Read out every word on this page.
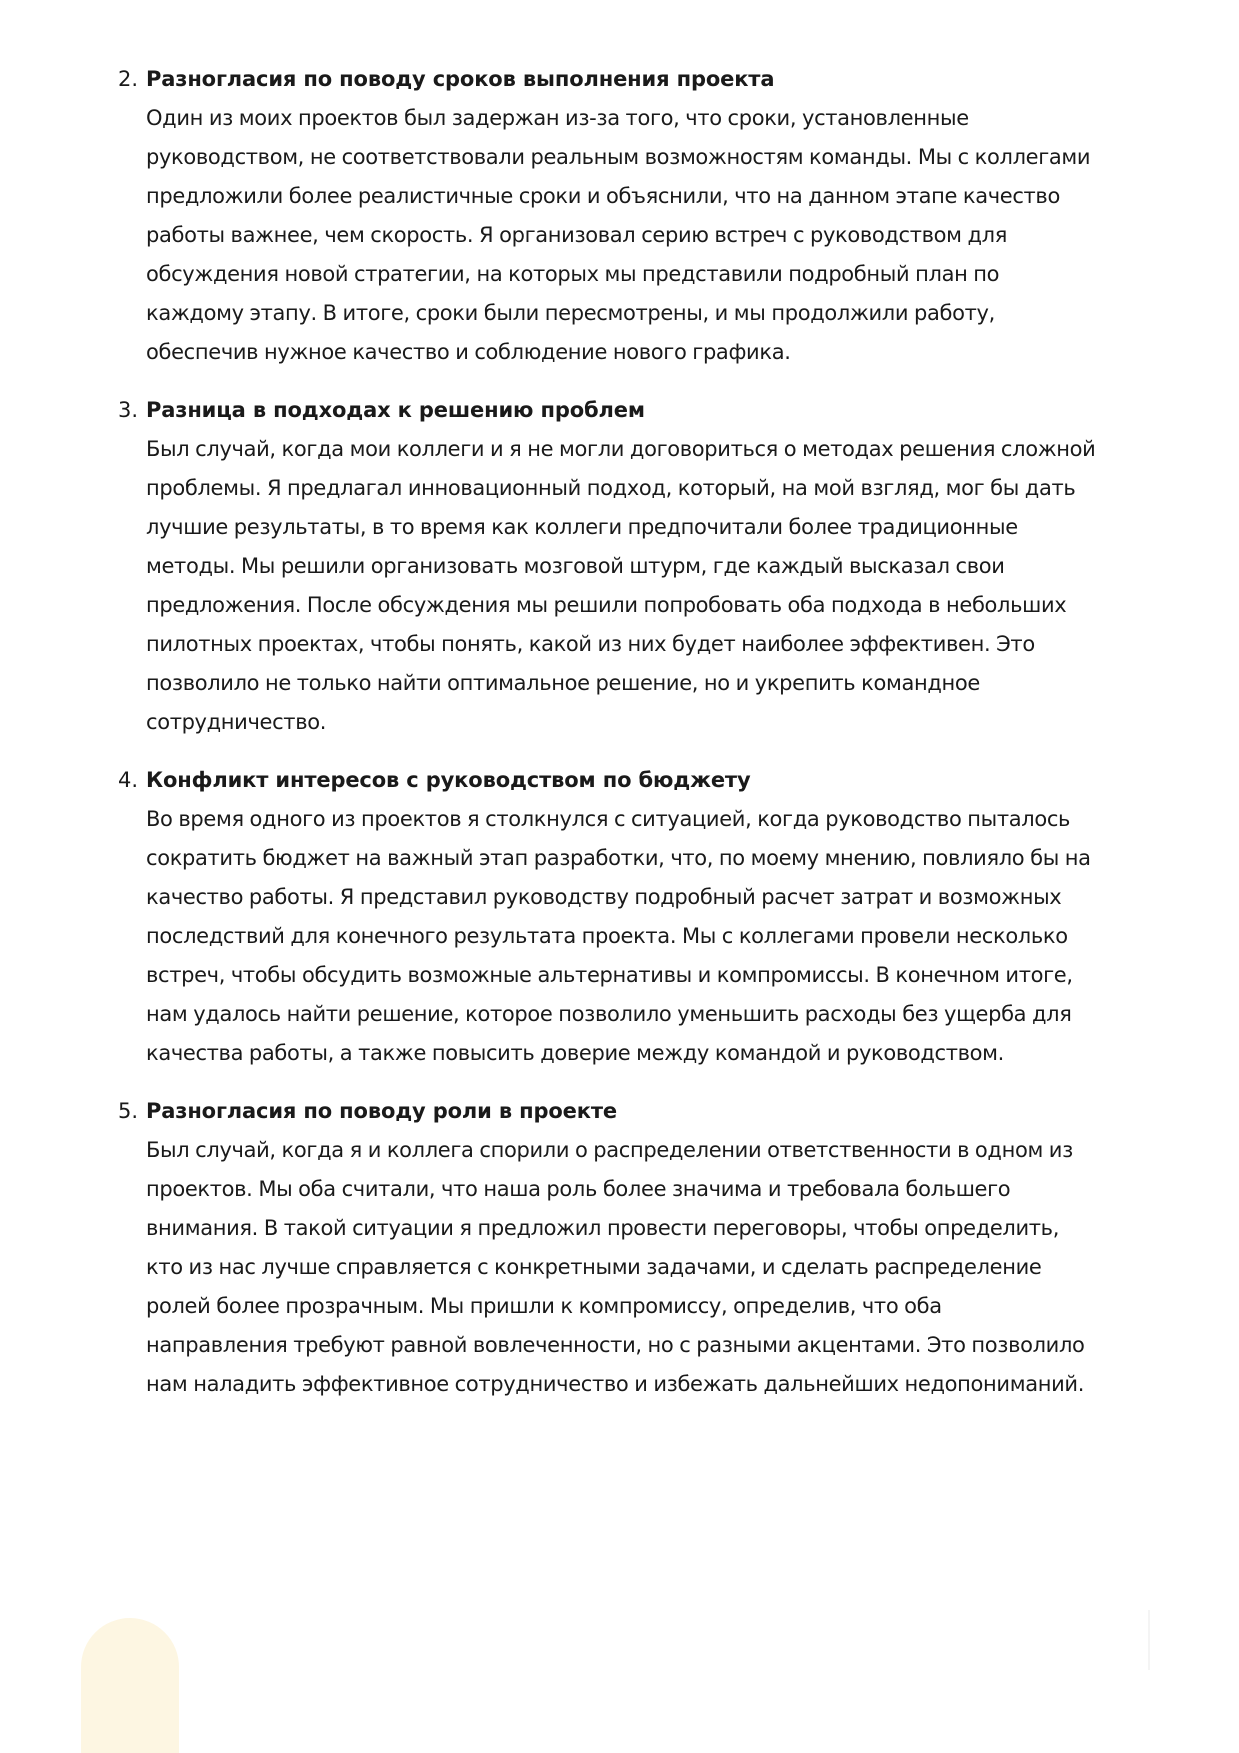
2. Разногласия по поводу сроков выполнения проекта

Один из моих проектов был задержан из-за того, что сроки, установленные
руководством, не соответствовали реальным возможностям команды. Мы с коллегами
предложили более реалистичные сроки и объяснили, что на данном этапе качество
работы важнее, чем скорость. Я организовал серию встреч с руководством для
обсуждения новой стратегии, на которых мы представили подробный план по
каждому этапу. В итоге, сроки были пересмотрены, и мы продолжили работу,
обеспечив нужное качество и соблюдение нового графика.

3. Разница в подходах к решению проблем

Был случай, когда мои коллеги и я не могли договориться о методах решения сложной
проблемы. Я предлагал инновационный подход, который, на мой взгляд, мог бы дать
лучшие результаты, в то время как коллеги предпочитали более традиционные
методы. Мы решили организовать мозговой штурм, где каждый высказал свои
предложения. После обсуждения мы решили попробовать оба подхода в небольших
пилотных проектах, чтобы понять, какой из них будет наиболее эффективен. Это
позволило не только найти оптимальное решение, но и укрепить командное
сотрудничество.

4. Конфликт интересов с руководством по бюджету

Во время одного из проектов я столкнулся с ситуацией, когда руководство пыталось
сократить бюджет на важный этап разработки, что, по моему мнению, повлияло бы на
качество работы. Я представил руководству подробный расчет затрат и возможных
последствий для конечного результата проекта. Мы с коллегами провели несколько
встреч, чтобы обсудить возможные альтернативы и компромиссы. В конечном итоге,
нам удалось найти решение, которое позволило уменьшить расходы без ущерба для
качества работы, а также повысить доверие между командой и руководством.

5. Разногласия по поводу роли в проекте

Был случай, когда я и коллега спорили о распределении ответственности в одном из
проектов. Мы оба считали, что наша роль более значима и требовала большего
внимания. В такой ситуации я предложил провести переговоры, чтобы определить,
кто из нас лучше справляется с конкретными задачами, и сделать распределение
ролей более прозрачным. Мы пришли к компромиссу, определив, что оба
направления требуют равной вовлеченности, но с разными акцентами. Это позволило
нам наладить эффективное сотрудничество и избежать дальнейших недопониманий.
